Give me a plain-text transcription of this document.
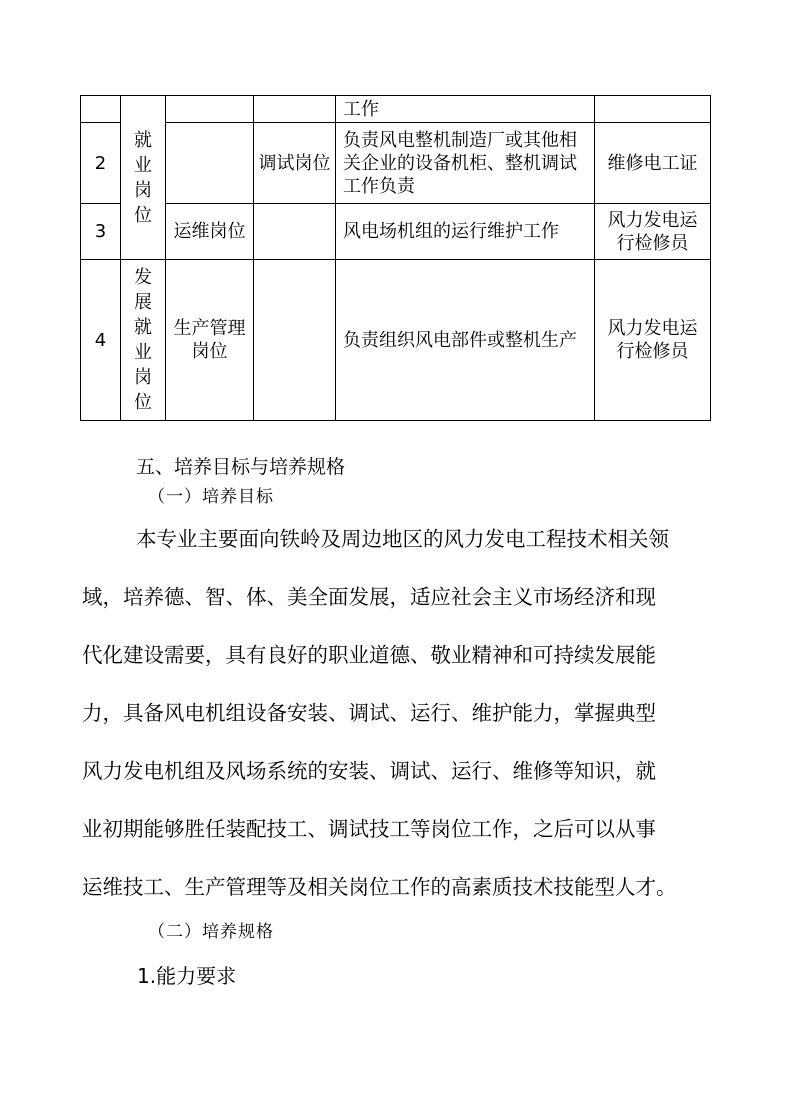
	就业岗位			工作	
2			调试岗位	负责风电整机制造厂或其他相关企业的设备机柜、整机调试工作负责	维修电工证
3		运维岗位		风电场机组的运行维护工作	风力发电运行检修员
4	发展就业岗位	生产管理岗位		负责组织风电部件或整机生产	风力发电运行检修员

五、培养目标与培养规格

（一）培养目标

本专业主要面向铁岭及周边地区的风力发电工程技术相关领

域，培养德、智、体、美全面发展，适应社会主义市场经济和现

代化建设需要，具有良好的职业道德、敬业精神和可持续发展能

力，具备风电机组设备安装、调试、运行、维护能力，掌握典型

风力发电机组及风场系统的安装、调试、运行、维修等知识，就

业初期能够胜任装配技工、调试技工等岗位工作，之后可以从事

运维技工、生产管理等及相关岗位工作的高素质技术技能型人才。

（二）培养规格

1.能力要求
